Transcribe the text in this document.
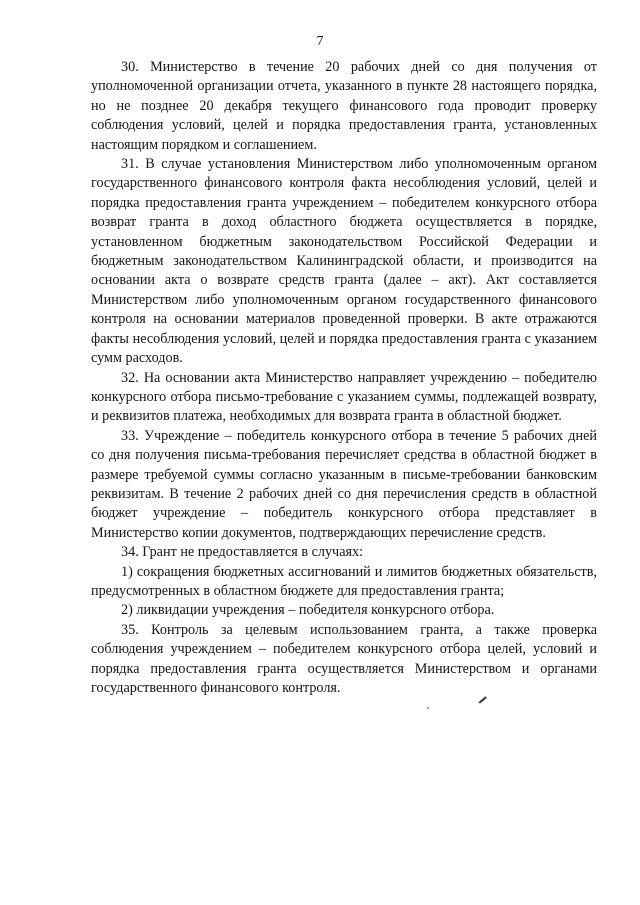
7

30. Министерство в течение 20 рабочих дней со дня получения от уполномоченной организации отчета, указанного в пункте 28 настоящего порядка, но не позднее 20 декабря текущего финансового года проводит проверку соблюдения условий, целей и порядка предоставления гранта, установленных настоящим порядком и соглашением.

31. В случае установления Министерством либо уполномоченным органом государственного финансового контроля факта несоблюдения условий, целей и порядка предоставления гранта учреждением – победителем конкурсного отбора возврат гранта в доход областного бюджета осуществляется в порядке, установленном бюджетным законодательством Российской Федерации и бюджетным законодательством Калининградской области, и производится на основании акта о возврате средств гранта (далее – акт). Акт составляется Министерством либо уполномоченным органом государственного финансового контроля на основании материалов проведенной проверки. В акте отражаются факты несоблюдения условий, целей и порядка предоставления гранта с указанием сумм расходов.

32. На основании акта Министерство направляет учреждению – победителю конкурсного отбора письмо-требование с указанием суммы, подлежащей возврату, и реквизитов платежа, необходимых для возврата гранта в областной бюджет.

33. Учреждение – победитель конкурсного отбора в течение 5 рабочих дней со дня получения письма-требования перечисляет средства в областной бюджет в размере требуемой суммы согласно указанным в письме-требовании банковским реквизитам. В течение 2 рабочих дней со дня перечисления средств в областной бюджет учреждение – победитель конкурсного отбора представляет в Министерство копии документов, подтверждающих перечисление средств.

34. Грант не предоставляется в случаях:

1) сокращения бюджетных ассигнований и лимитов бюджетных обязательств, предусмотренных в областном бюджете для предоставления гранта;

2) ликвидации учреждения – победителя конкурсного отбора.

35. Контроль за целевым использованием гранта, а также проверка соблюдения учреждением – победителем конкурсного отбора целей, условий и порядка предоставления гранта осуществляется Министерством и органами государственного финансового контроля.
